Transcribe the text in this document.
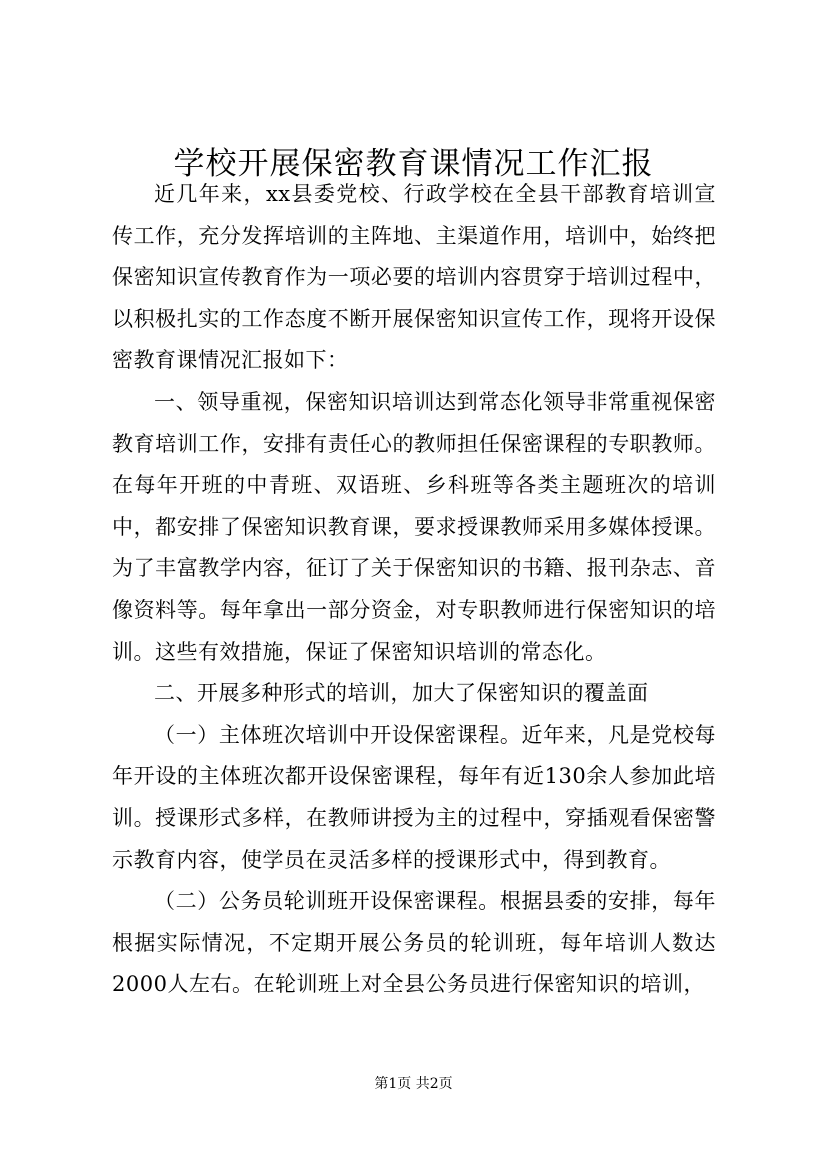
学校开展保密教育课情况工作汇报

近几年来，xx县委党校、行政学校在全县干部教育培训宣传工作，充分发挥培训的主阵地、主渠道作用，培训中，始终把保密知识宣传教育作为一项必要的培训内容贯穿于培训过程中，以积极扎实的工作态度不断开展保密知识宣传工作，现将开设保密教育课情况汇报如下：

一、领导重视，保密知识培训达到常态化领导非常重视保密教育培训工作，安排有责任心的教师担任保密课程的专职教师。在每年开班的中青班、双语班、乡科班等各类主题班次的培训中，都安排了保密知识教育课，要求授课教师采用多媒体授课。为了丰富教学内容，征订了关于保密知识的书籍、报刊杂志、音像资料等。每年拿出一部分资金，对专职教师进行保密知识的培训。这些有效措施，保证了保密知识培训的常态化。

二、开展多种形式的培训，加大了保密知识的覆盖面

（一）主体班次培训中开设保密课程。近年来，凡是党校每年开设的主体班次都开设保密课程，每年有近130余人参加此培训。授课形式多样，在教师讲授为主的过程中，穿插观看保密警示教育内容，使学员在灵活多样的授课形式中，得到教育。

（二）公务员轮训班开设保密课程。根据县委的安排，每年根据实际情况，不定期开展公务员的轮训班，每年培训人数达2000人左右。在轮训班上对全县公务员进行保密知识的培训，

第1页 共2页
